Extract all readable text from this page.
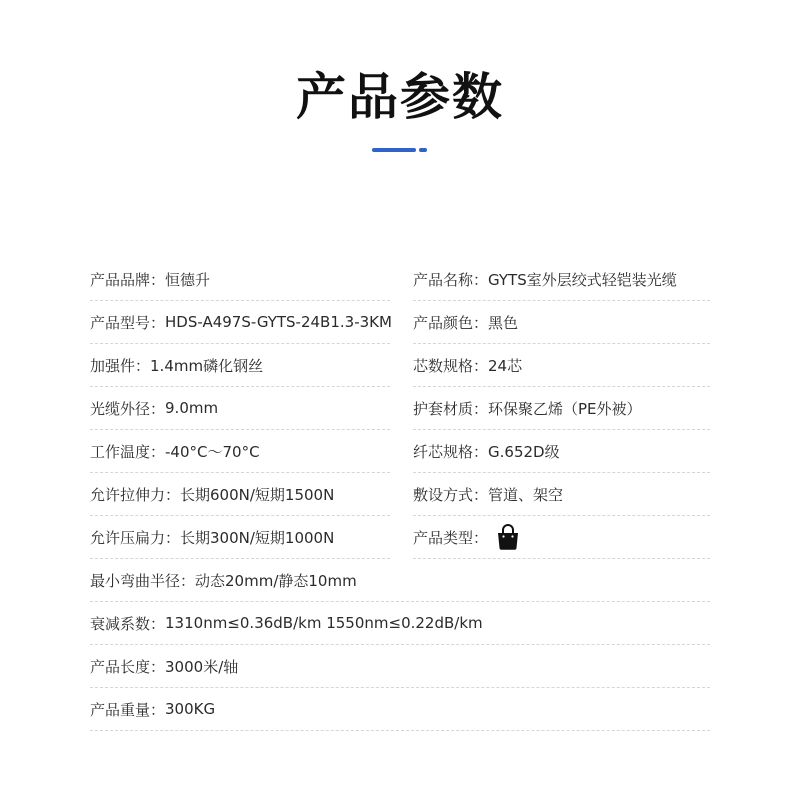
产品参数
产品品牌： 恒德升	产品名称： GYTS室外层绞式轻铠装光缆
产品型号： HDS-A497S-GYTS-24B1.3-3KM 产品颜色： 黑色
加强件： 1.4mm磷化钢丝	芯数规格： 24芯
光缆外径： 9.0mm	护套材质： 环保聚乙烯（PE外被）
工作温度： -40°C～70°C	纤芯规格： G.652D级
允许拉伸力： 长期600N/短期1500N	敷设方式： 管道、架空
允许压扁力： 长期300N/短期1000N	产品类型：
最小弯曲半径： 动态20mm/静态10mm
衰减系数： 1310nm≤0.36dB/km 1550nm≤0.22dB/km
产品长度： 3000米/轴
产品重量： 300KG
